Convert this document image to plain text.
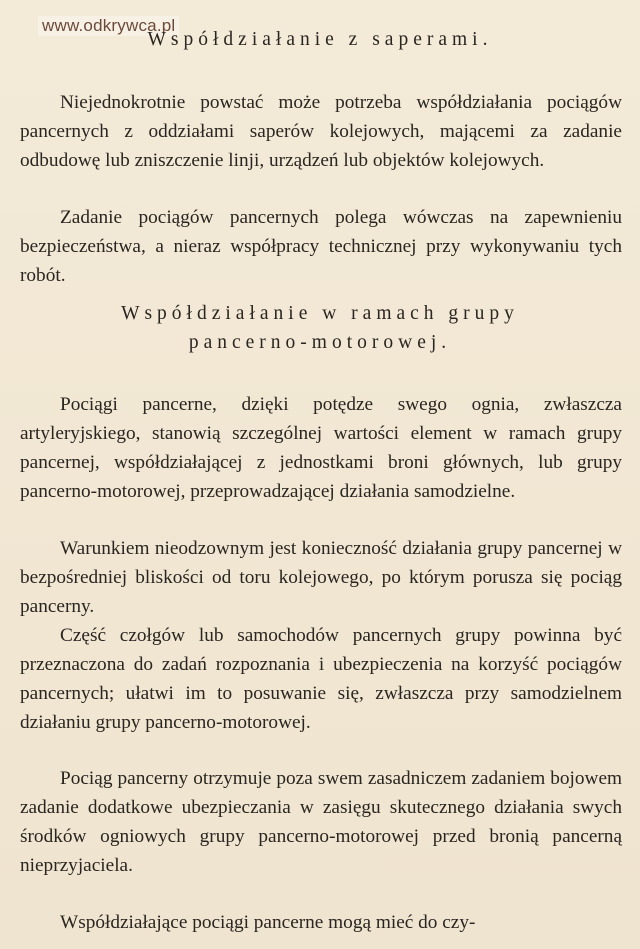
www.odkrywca.pl
Współdziałanie z saperami.

Niejednokrotnie powstać może potrzeba współdziałania pociągów pancernych z oddziałami saperów kolejowych, mającemi za zadanie odbudowę lub zniszczenie linji, urządzeń lub objektów kolejowych.

Zadanie pociągów pancernych polega wówczas na zapewnieniu bezpieczeństwa, a nieraz współpracy technicznej przy wykonywaniu tych robót.

Współdziałanie w ramach grupy
pancerno-motorowej.

Pociągi pancerne, dzięki potędze swego ognia, zwłaszcza artyleryjskiego, stanowią szczególnej wartości element w ramach grupy pancernej, współdziałającej z jednostkami broni głównych, lub grupy pancerno-motorowej, przeprowadzającej działania samodzielne.

Warunkiem nieodzownym jest konieczność działania grupy pancernej w bezpośredniej bliskości od toru kolejowego, po którym porusza się pociąg pancerny.

Część czołgów lub samochodów pancernych grupy powinna być przeznaczona do zadań rozpoznania i ubezpieczenia na korzyść pociągów pancernych; ułatwi im to posuwanie się, zwłaszcza przy samodzielnem działaniu grupy pancerno-motorowej.

Pociąg pancerny otrzymuje poza swem zasadniczem zadaniem bojowem zadanie dodatkowe ubezpieczania w zasięgu skutecznego działania swych środków ogniowych grupy pancerno-motorowej przed bronią pancerną nieprzyjaciela.

Współdziałające pociągi pancerne mogą mieć do czy-
